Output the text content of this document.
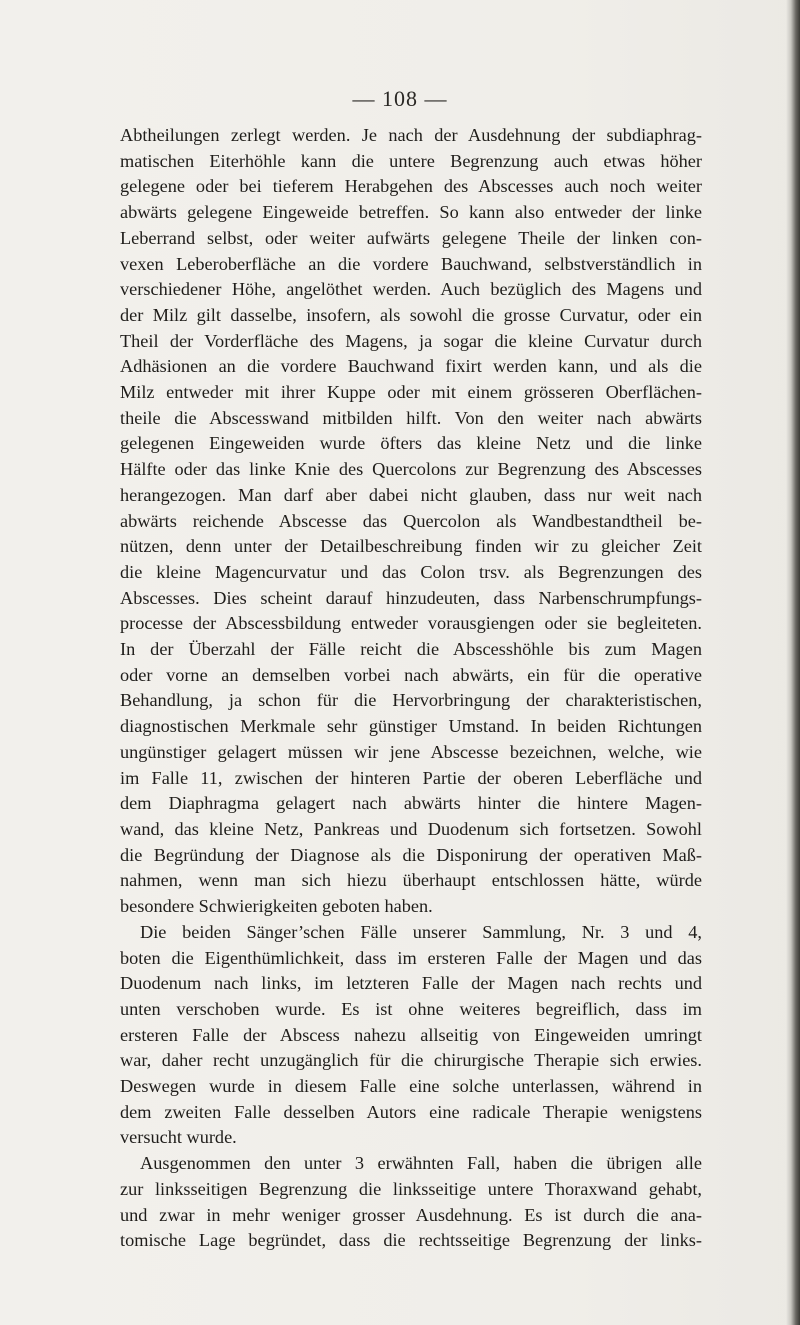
— 108 —
Abtheilungen zerlegt werden. Je nach der Ausdehnung der subdiaphrag-
matischen Eiterhöhle kann die untere Begrenzung auch etwas höher
gelegene oder bei tieferem Herabgehen des Abscesses auch noch weiter
abwärts gelegene Eingeweide betreffen. So kann also entweder der linke
Leberrand selbst, oder weiter aufwärts gelegene Theile der linken con-
vexen Leberoberfläche an die vordere Bauchwand, selbstverständlich in
verschiedener Höhe, angelöthet werden. Auch bezüglich des Magens und
der Milz gilt dasselbe, insofern, als sowohl die grosse Curvatur, oder ein
Theil der Vorderfläche des Magens, ja sogar die kleine Curvatur durch
Adhäsionen an die vordere Bauchwand fixirt werden kann, und als die
Milz entweder mit ihrer Kuppe oder mit einem grösseren Oberflächen-
theile die Abscesswand mitbilden hilft. Von den weiter nach abwärts
gelegenen Eingeweiden wurde öfters das kleine Netz und die linke
Hälfte oder das linke Knie des Quercolons zur Begrenzung des Abscesses
herangezogen. Man darf aber dabei nicht glauben, dass nur weit nach
abwärts reichende Abscesse das Quercolon als Wandbestandtheil be-
nützen, denn unter der Detailbeschreibung finden wir zu gleicher Zeit
die kleine Magencurvatur und das Colon trsv. als Begrenzungen des
Abscesses. Dies scheint darauf hinzudeuten, dass Narbenschrumpfungs-
processe der Abscessbildung entweder vorausgiengen oder sie begleiteten.
In der Überzahl der Fälle reicht die Abscesshöhle bis zum Magen
oder vorne an demselben vorbei nach abwärts, ein für die operative
Behandlung, ja schon für die Hervorbringung der charakteristischen,
diagnostischen Merkmale sehr günstiger Umstand. In beiden Richtungen
ungünstiger gelagert müssen wir jene Abscesse bezeichnen, welche, wie
im Falle 11, zwischen der hinteren Partie der oberen Leberfläche und
dem Diaphragma gelagert nach abwärts hinter die hintere Magen-
wand, das kleine Netz, Pankreas und Duodenum sich fortsetzen. Sowohl
die Begründung der Diagnose als die Disponirung der operativen Maß-
nahmen, wenn man sich hiezu überhaupt entschlossen hätte, würde
besondere Schwierigkeiten geboten haben.
Die beiden Sänger’schen Fälle unserer Sammlung, Nr. 3 und 4,
boten die Eigenthümlichkeit, dass im ersteren Falle der Magen und das
Duodenum nach links, im letzteren Falle der Magen nach rechts und
unten verschoben wurde. Es ist ohne weiteres begreiflich, dass im
ersteren Falle der Abscess nahezu allseitig von Eingeweiden umringt
war, daher recht unzugänglich für die chirurgische Therapie sich erwies.
Deswegen wurde in diesem Falle eine solche unterlassen, während in
dem zweiten Falle desselben Autors eine radicale Therapie wenigstens
versucht wurde.
Ausgenommen den unter 3 erwähnten Fall, haben die übrigen alle
zur linksseitigen Begrenzung die linksseitige untere Thoraxwand gehabt,
und zwar in mehr weniger grosser Ausdehnung. Es ist durch die ana-
tomische Lage begründet, dass die rechtsseitige Begrenzung der links-
